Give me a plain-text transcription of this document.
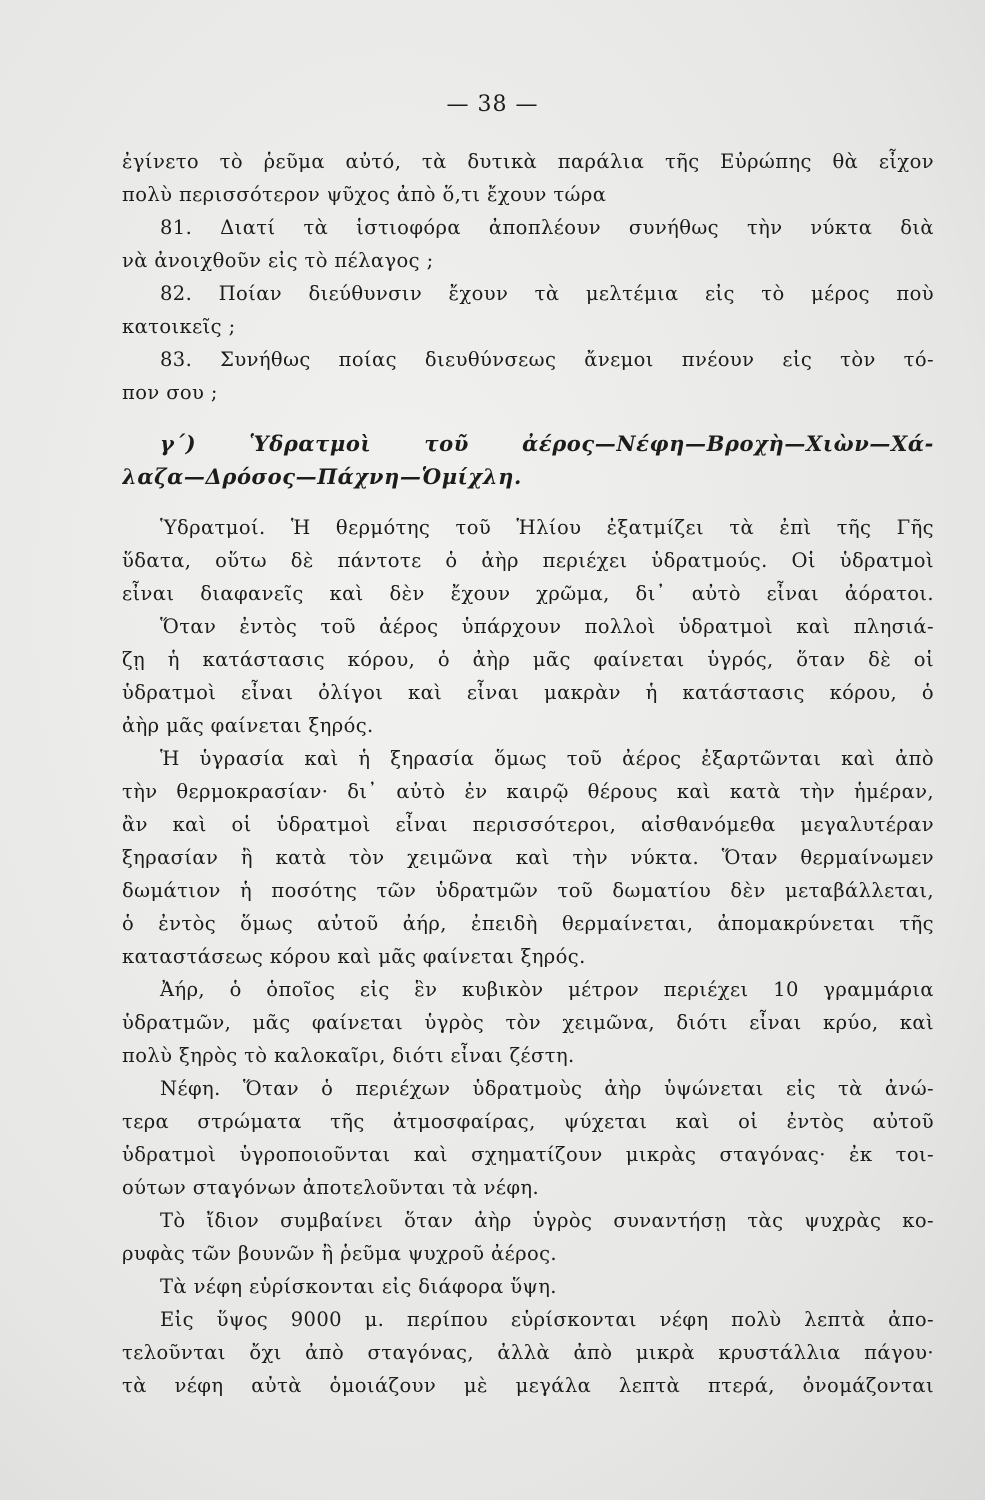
— 38 —
ἐγίνετο τὸ ῥεῦμα αὐτό, τὰ δυτικὰ παράλια τῆς Εὐρώπης θὰ εἶχον
πολὺ περισσότερον ψῦχος ἀπὸ ὅ,τι ἔχουν τώρα
81. Διατί τὰ ἱστιοφόρα ἀποπλέουν συνήθως τὴν νύκτα διὰ
νὰ ἀνοιχθοῦν εἰς τὸ πέλαγος ;
82. Ποίαν διεύθυνσιν ἔχουν τὰ μελτέμια εἰς τὸ μέρος ποὺ
κατοικεῖς ;
83. Συνήθως ποίας διευθύνσεως ἄνεμοι πνέουν εἰς τὸν τό-
πον σου ;
γ΄) Ὑδρατμοὶ τοῦ ἀέρος—Νέφη—Βροχὴ—Χιὼν—Χά-
λαζα—Δρόσος—Πάχνη—Ὁμίχλη.
Ὑδρατμοί. Ἡ θερμότης τοῦ Ἡλίου ἐξατμίζει τὰ ἐπὶ τῆς Γῆς
ὕδατα, οὕτω δὲ πάντοτε ὁ ἀὴρ περιέχει ὑδρατμούς. Οἱ ὑδρατμοὶ
εἶναι διαφανεῖς καὶ δὲν ἔχουν χρῶμα, δι᾿ αὐτὸ εἶναι ἀόρατοι.
Ὅταν ἐντὸς τοῦ ἀέρος ὑπάρχουν πολλοὶ ὑδρατμοὶ καὶ πλησιά-
ζῃ ἡ κατάστασις κόρου, ὁ ἀὴρ μᾶς φαίνεται ὑγρός, ὅταν δὲ οἱ
ὑδρατμοὶ εἶναι ὀλίγοι καὶ εἶναι μακρὰν ἡ κατάστασις κόρου, ὁ
ἀὴρ μᾶς φαίνεται ξηρός.
Ἡ ὑγρασία καὶ ἡ ξηρασία ὅμως τοῦ ἀέρος ἐξαρτῶνται καὶ ἀπὸ
τὴν θερμοκρασίαν· δι᾿ αὐτὸ ἐν καιρῷ θέρους καὶ κατὰ τὴν ἡμέραν,
ἂν καὶ οἱ ὑδρατμοὶ εἶναι περισσότεροι, αἰσθανόμεθα μεγαλυτέραν
ξηρασίαν ἢ κατὰ τὸν χειμῶνα καὶ τὴν νύκτα. Ὅταν θερμαίνωμεν
δωμάτιον ἡ ποσότης τῶν ὑδρατμῶν τοῦ δωματίου δὲν μεταβάλλεται,
ὁ ἐντὸς ὅμως αὐτοῦ ἀήρ, ἐπειδὴ θερμαίνεται, ἀπομακρύνεται τῆς
καταστάσεως κόρου καὶ μᾶς φαίνεται ξηρός.
Ἀήρ, ὁ ὁποῖος εἰς ἓν κυβικὸν μέτρον περιέχει 10 γραμμάρια
ὑδρατμῶν, μᾶς φαίνεται ὑγρὸς τὸν χειμῶνα, διότι εἶναι κρύο, καὶ
πολὺ ξηρὸς τὸ καλοκαῖρι, διότι εἶναι ζέστη.
Νέφη. Ὅταν ὁ περιέχων ὑδρατμοὺς ἀὴρ ὑψώνεται εἰς τὰ ἀνώ-
τερα στρώματα τῆς ἀτμοσφαίρας, ψύχεται καὶ οἱ ἐντὸς αὐτοῦ
ὑδρατμοὶ ὑγροποιοῦνται καὶ σχηματίζουν μικρὰς σταγόνας· ἐκ τοι-
ούτων σταγόνων ἀποτελοῦνται τὰ νέφη.
Τὸ ἴδιον συμβαίνει ὅταν ἀὴρ ὑγρὸς συναντήσῃ τὰς ψυχρὰς κο-
ρυφὰς τῶν βουνῶν ἢ ῥεῦμα ψυχροῦ ἀέρος.
Τὰ νέφη εὑρίσκονται εἰς διάφορα ὕψη.
Εἰς ὕψος 9000 μ. περίπου εὑρίσκονται νέφη πολὺ λεπτὰ ἀπο-
τελοῦνται ὄχι ἀπὸ σταγόνας, ἀλλὰ ἀπὸ μικρὰ κρυστάλλια πάγου·
τὰ νέφη αὐτὰ ὁμοιάζουν μὲ μεγάλα λεπτὰ πτερά, ὀνομάζονται
